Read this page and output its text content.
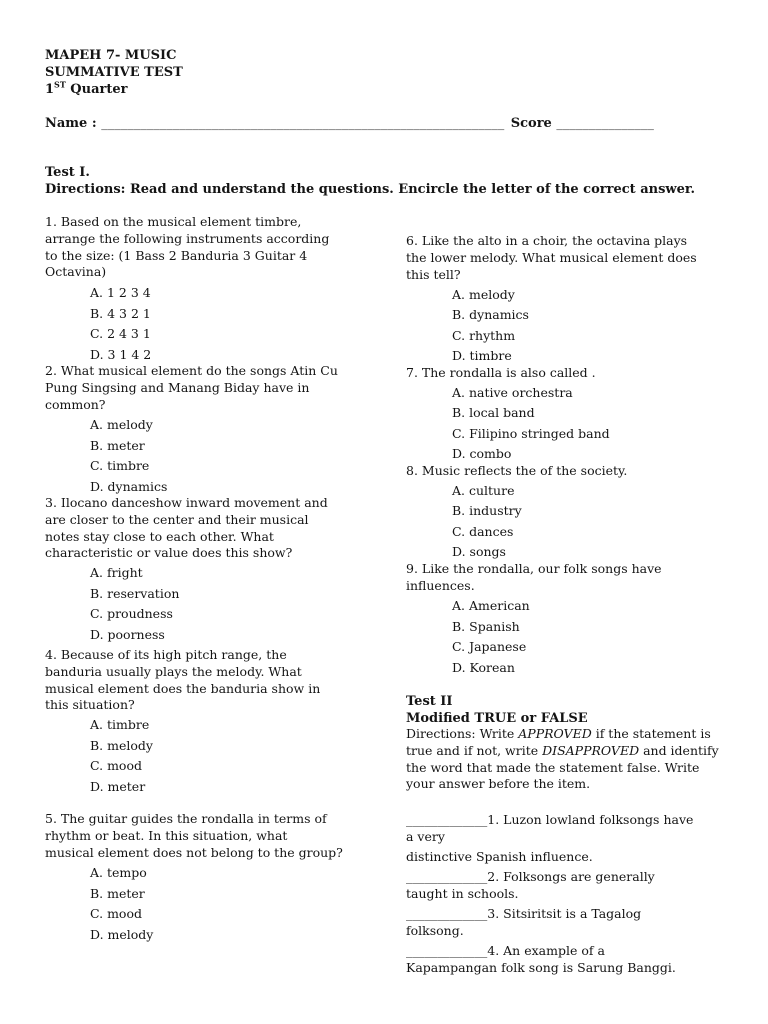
MAPEH 7- MUSIC
SUMMATIVE TEST
1ST Quarter
Name : ______________________________________________________________ Score _______________
Test I.
Directions: Read and understand the questions. Encircle the letter of the correct answer.
1. Based on the musical element timbre,
arrange the following instruments according
to the size: (1 Bass 2 Banduria 3 Guitar 4
Octavina)
A. 1 2 3 4
B. 4 3 2 1
C. 2 4 3 1
D. 3 1 4 2
2. What musical element do the songs Atin Cu
Pung Singsing and Manang Biday have in
common?
A. melody
B. meter
C. timbre
D. dynamics
3. Ilocano danceshow inward movement and
are closer to the center and their musical
notes stay close to each other. What
characteristic or value does this show?
A. fright
B. reservation
C. proudness
D. poorness
4. Because of its high pitch range, the
banduria usually plays the melody. What
musical element does the banduria show in
this situation?
A. timbre
B. melody
C. mood
D. meter
5. The guitar guides the rondalla in terms of
rhythm or beat. In this situation, what
musical element does not belong to the group?
A. tempo
B. meter
C. mood
D. melody
6. Like the alto in a choir, the octavina plays
the lower melody. What musical element does
this tell?
A. melody
B. dynamics
C. rhythm
D. timbre
7. The rondalla is also called .
A. native orchestra
B. local band
C. Filipino stringed band
D. combo
8. Music reflects the of the society.
A. culture
B. industry
C. dances
D. songs
9. Like the rondalla, our folk songs have
influences.
A. American
B. Spanish
C. Japanese
D. Korean
Test II
Modified TRUE or FALSE
Directions: Write APPROVED if the statement is true and if not, write DISAPPROVED and identify the word that made the statement false. Write your answer before the item.
_____________1. Luzon lowland folksongs have
a very
distinctive Spanish influence.
_____________2. Folksongs are generally
taught in schools.
_____________3. Sitsiritsit is a Tagalog
folksong.
_____________4. An example of a
Kapampangan folk song is Sarung Banggi.
